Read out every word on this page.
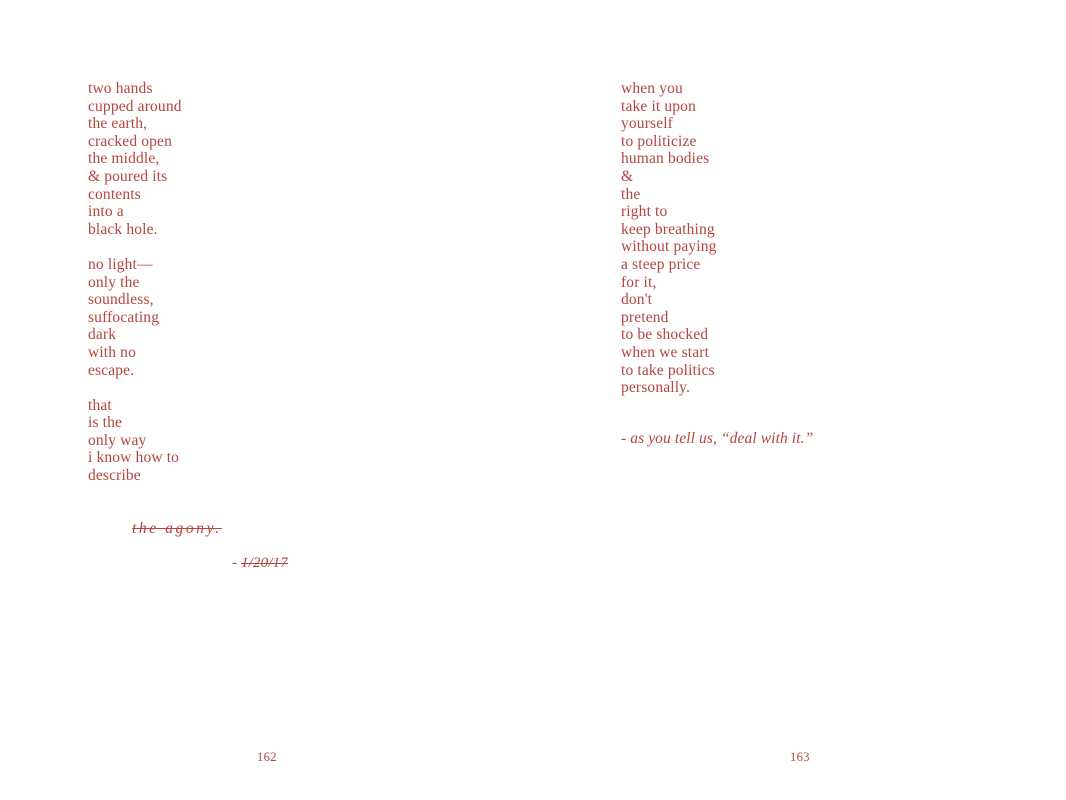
two hands
cupped around
the earth,
cracked open
the middle,
& poured its
contents
into a
black hole.
no light—
only the
soundless,
suffocating
dark
with no
escape.
that
is the
only way
i know how to
describe
the agony.
- 1/20/17
162
when you
take it upon
yourself
to politicize
human bodies
&
the
right to
keep breathing
without paying
a steep price
for it,
don't
pretend
to be shocked
when we start
to take politics
personally.
- as you tell us, “deal with it.”
163
